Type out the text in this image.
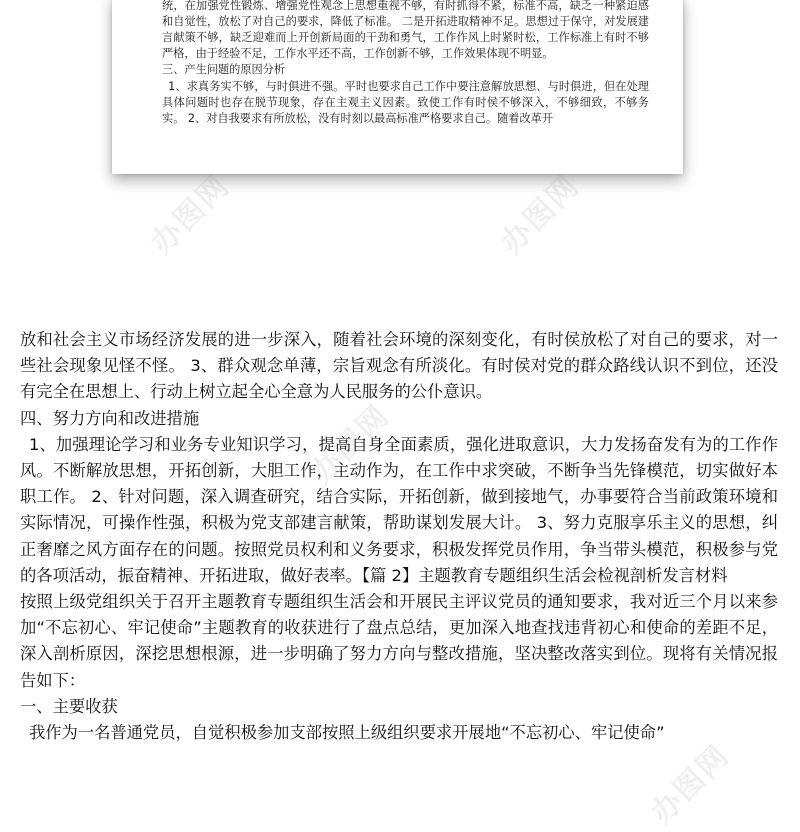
统，在加强党性锻炼、增强党性观念上思想重视不够，有时抓得不紧，标准不高，缺乏一种紧迫感和自觉性，放松了对自己的要求，降低了标准。 二是开拓进取精神不足。思想过于保守，对发展建言献策不够，缺乏迎难而上开创新局面的干劲和勇气，工作作风上时紧时松，工作标准上有时不够严格，由于经验不足，工作水平还不高，工作创新不够，工作效果体现不明显。
三、产生问题的原因分析
1、求真务实不够，与时俱进不强。平时也要求自己工作中要注意解放思想、与时俱进，但在处理具体问题时也存在脱节现象，存在主观主义因素。致使工作有时侯不够深入，不够细致，不够务实。 2、对自我要求有所放松，没有时刻以最高标准严格要求自己。随着改革开
放和社会主义市场经济发展的进一步深入，随着社会环境的深刻变化，有时侯放松了对自己的要求，对一些社会现象见怪不怪。 3、群众观念单薄，宗旨观念有所淡化。有时侯对党的群众路线认识不到位，还没有完全在思想上、行动上树立起全心全意为人民服务的公仆意识。
四、努力方向和改进措施
1、加强理论学习和业务专业知识学习，提高自身全面素质，强化进取意识，大力发扬奋发有为的工作作风。不断解放思想，开拓创新，大胆工作，主动作为，在工作中求突破，不断争当先锋模范，切实做好本职工作。 2、针对问题，深入调查研究，结合实际，开拓创新，做到接地气，办事要符合当前政策环境和实际情况，可操作性强，积极为党支部建言献策，帮助谋划发展大计。 3、努力克服享乐主义的思想，纠正奢靡之风方面存在的问题。按照党员权利和义务要求，积极发挥党员作用，争当带头模范，积极参与党的各项活动，振奋精神、开拓进取，做好表率。【篇 2】主题教育专题组织生活会检视剖析发言材料
按照上级党组织关于召开主题教育专题组织生活会和开展民主评议党员的通知要求，我对近三个月以来参加“不忘初心、牢记使命”主题教育的收获进行了盘点总结，更加深入地查找违背初心和使命的差距不足，深入剖析原因，深挖思想根源，进一步明确了努力方向与整改措施，坚决整改落实到位。现将有关情况报告如下：
一、主要收获
我作为一名普通党员，自觉积极参加支部按照上级组织要求开展地“不忘初心、牢记使命”
办图网	办图网
办图网
办图网
